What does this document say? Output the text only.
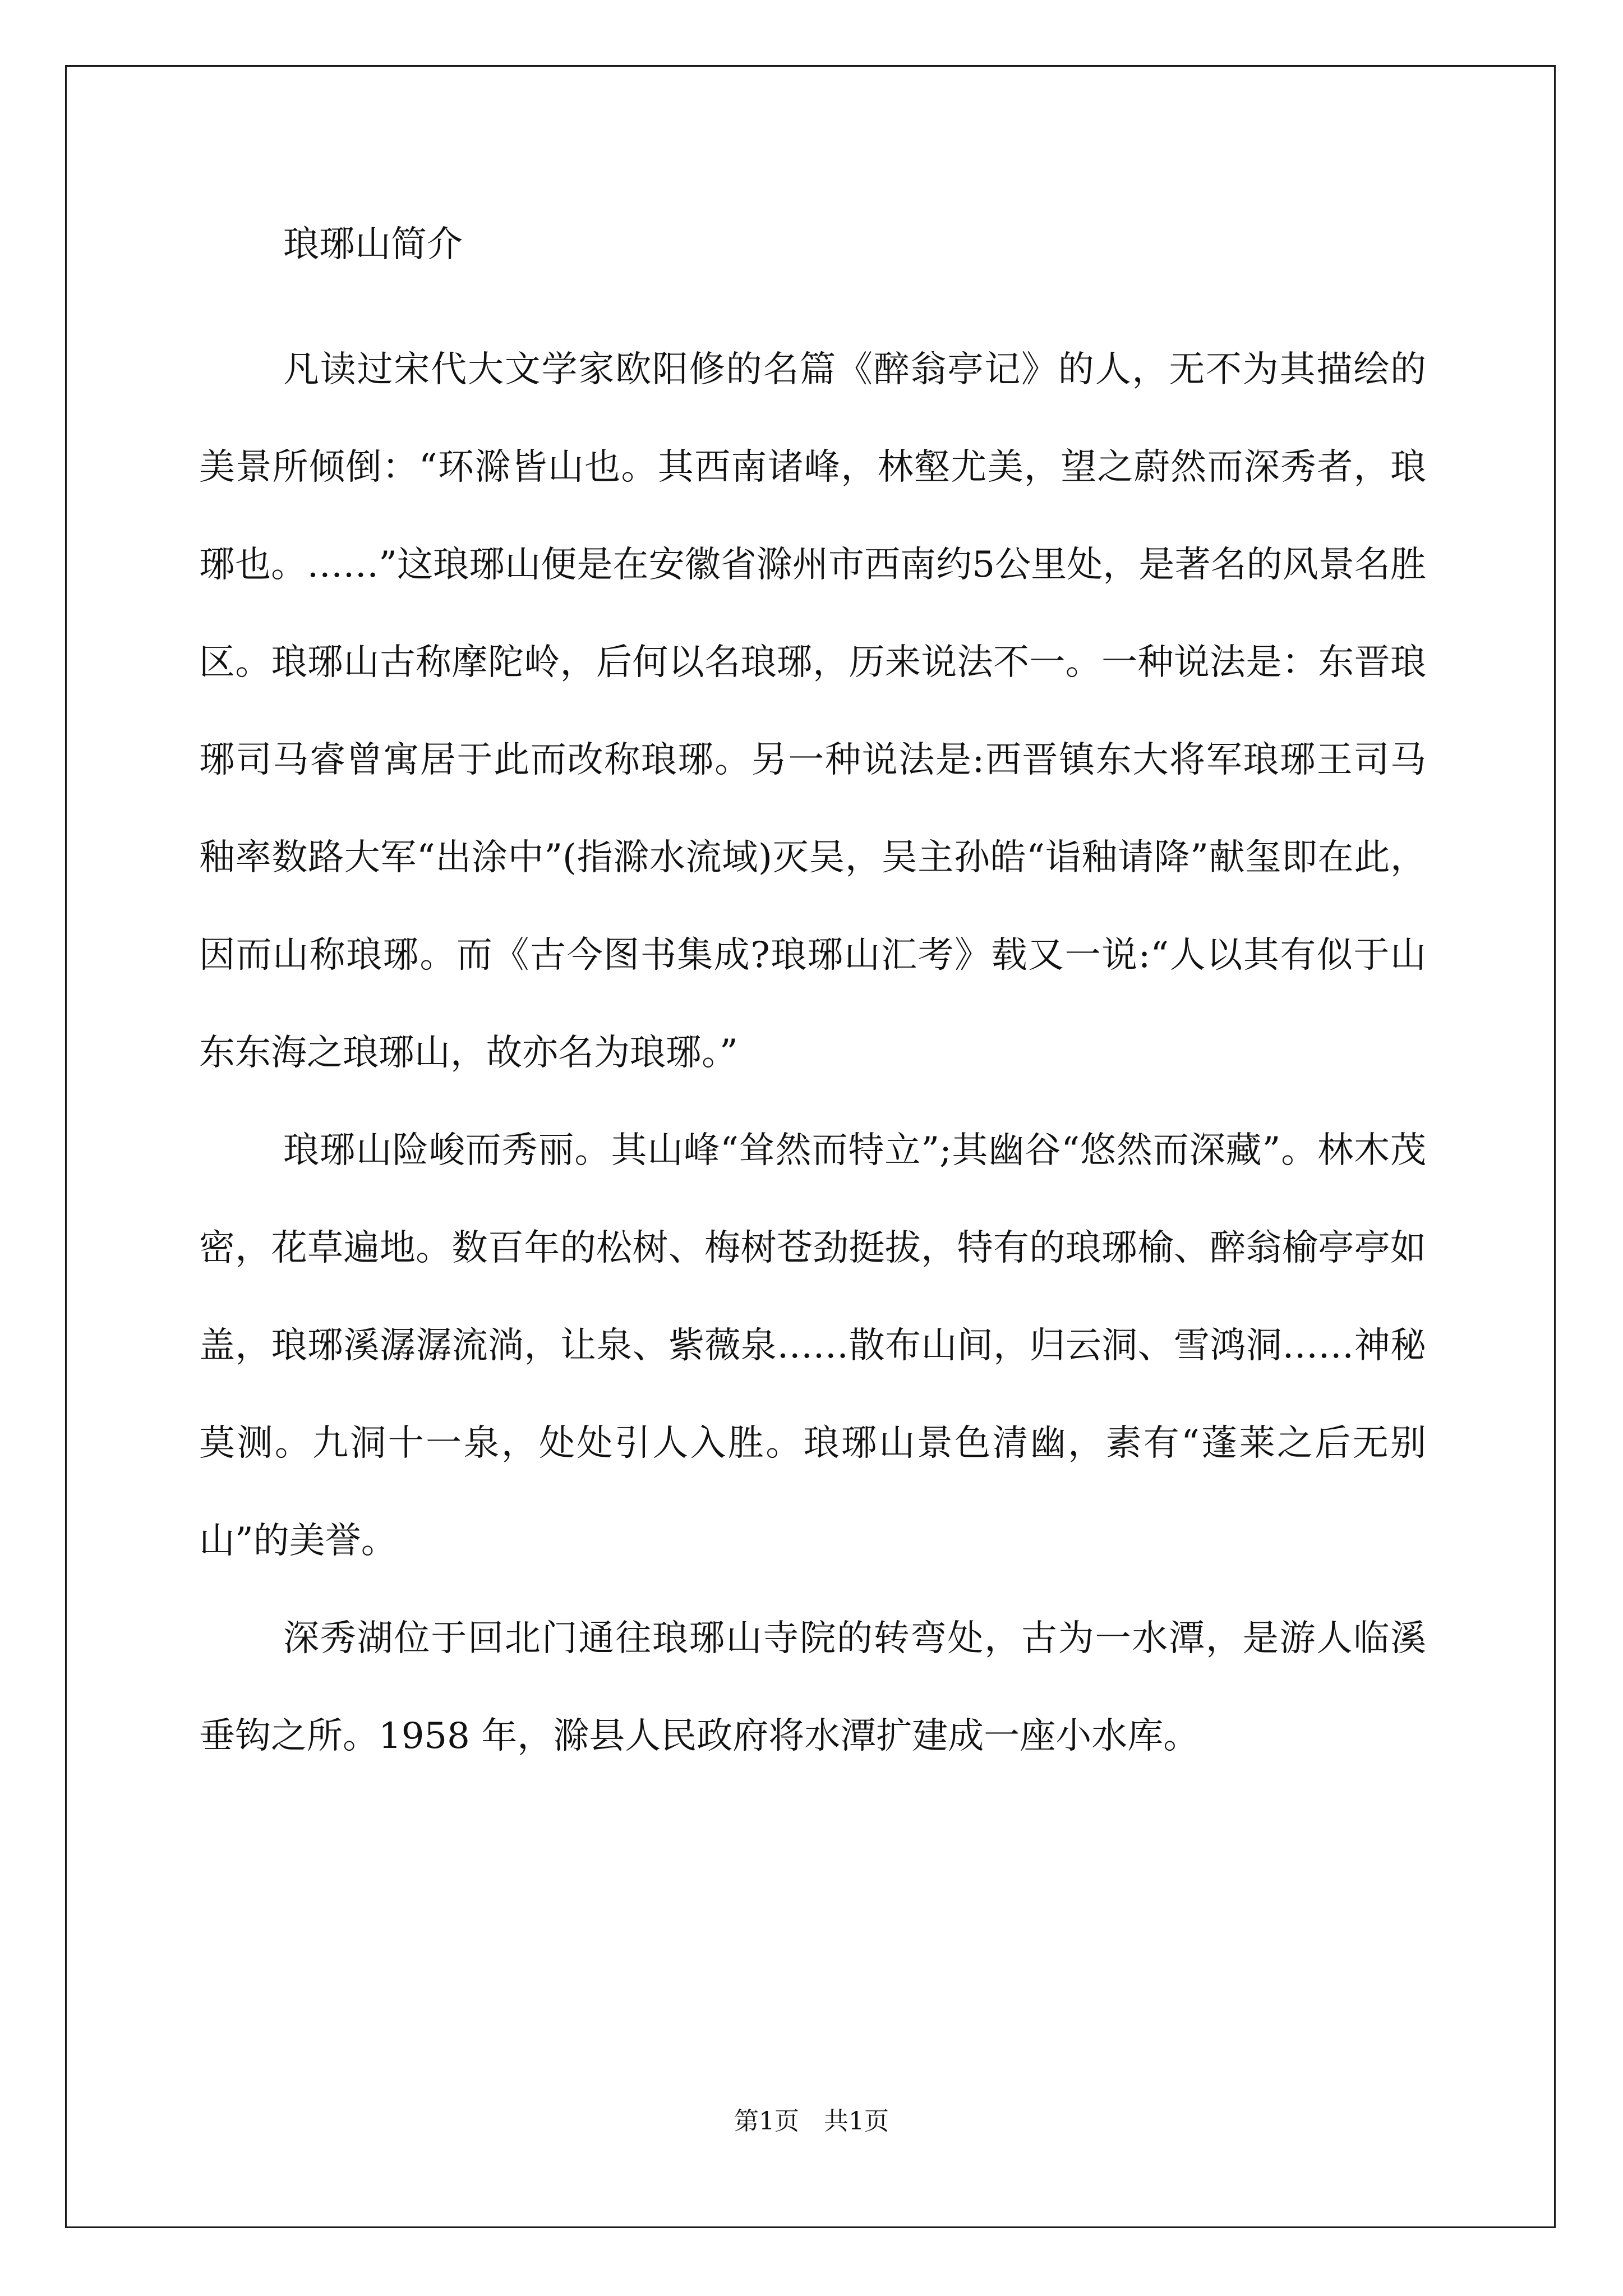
琅琊山简介

凡读过宋代大文学家欧阳修的名篇《醉翁亭记》的人，无不为其描绘的美景所倾倒：“环滁皆山也。其西南诸峰，林壑尤美，望之蔚然而深秀者，琅琊也。……”这琅琊山便是在安徽省滁州市西南约5公里处，是著名的风景名胜区。琅琊山古称摩陀岭，后何以名琅琊，历来说法不一。一种说法是：东晋琅琊司马睿曾寓居于此而改称琅琊。另一种说法是:西晋镇东大将军琅琊王司马釉率数路大军“出涂中”(指滁水流域)灭吴，吴主孙皓“诣釉请降”献玺即在此，因而山称琅琊。而《古今图书集成?琅琊山汇考》载又一说:“人以其有似于山东东海之琅琊山，故亦名为琅琊。”

琅琊山险峻而秀丽。其山峰“耸然而特立”;其幽谷“悠然而深藏”。林木茂密，花草遍地。数百年的松树、梅树苍劲挺拔，特有的琅琊榆、醉翁榆亭亭如盖，琅琊溪潺潺流淌，让泉、紫薇泉……散布山间，归云洞、雪鸿洞……神秘莫测。九洞十一泉，处处引人入胜。琅琊山景色清幽，素有“蓬莱之后无别山”的美誉。

深秀湖位于回北门通往琅琊山寺院的转弯处，古为一水潭，是游人临溪垂钩之所。1958 年，滁县人民政府将水潭扩建成一座小水库。

第1页　共1页
